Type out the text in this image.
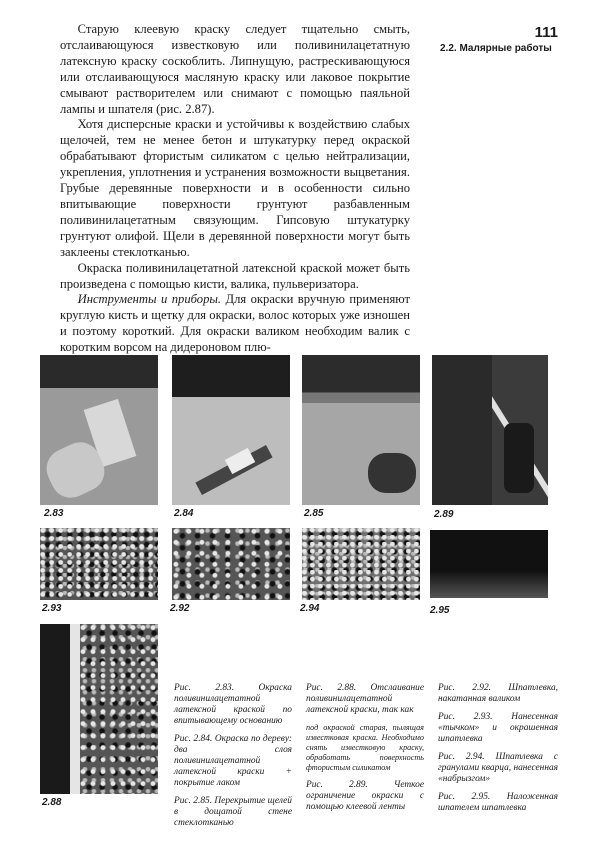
111
2.2. Малярные работы

Старую клеевую краску следует тщательно смыть, отслаивающуюся известковую или поливинилацетатную латексную краску соскоблить. Липнущую, растрескивающуюся или отслаивающуюся масляную краску или лаковое покрытие смывают растворителем или снимают с помощью паяльной лампы и шпателя (рис. 2.87).

Хотя дисперсные краски и устойчивы к воздействию слабых щелочей, тем не менее бетон и штукатурку перед окраской обрабатывают фтористым силикатом с целью нейтрализации, укрепления, уплотнения и устранения возможности выцветания. Грубые деревянные поверхности и в особенности сильно впитывающие поверхности грунтуют разбавленным поливинилацетатным связующим. Гипсовую штукатурку грунтуют олифой. Щели в деревянной поверхности могут быть заклеены стеклотканью.

Окраска поливинилацетатной латексной краской может быть произведена с помощью кисти, валика, пульверизатора.

Инструменты и приборы. Для окраски вручную применяют круглую кисть и щетку для окраски, волос которых уже изношен и поэтому короткий. Для окраски валиком необходим валик с коротким ворсом на дидероновом плю-

2.83	2.84	2.85	2.89
2.93	2.92	2.94	2.95
2.88

Рис. 2.83. Окраска поливинилацетатной латексной краской по впитывающему основанию

Рис. 2.84. Окраска по дереву: два слоя поливинилацетатной латексной краски + покрытие лаком

Рис. 2.85. Перекрытие щелей в дощатой стене стеклотканью

Рис. 2.88. Отслаивание поливинилацетатной латексной краски, так как

под окраской старая, пылящая известковая краска. Необходимо снять известковую краску, обработать поверхность фтористым силикатом

Рис. 2.89. Четкое ограничение окраски с помощью клеевой ленты

Рис. 2.92. Шпатлевка, накатанная валиком

Рис. 2.93. Нанесенная «тычком» и окрашенная шпатлевка

Рис. 2.94. Шпатлевка с гранулами кварца, нанесенная «набрызгом»

Рис. 2.95. Наложенная шпателем шпатлевка
